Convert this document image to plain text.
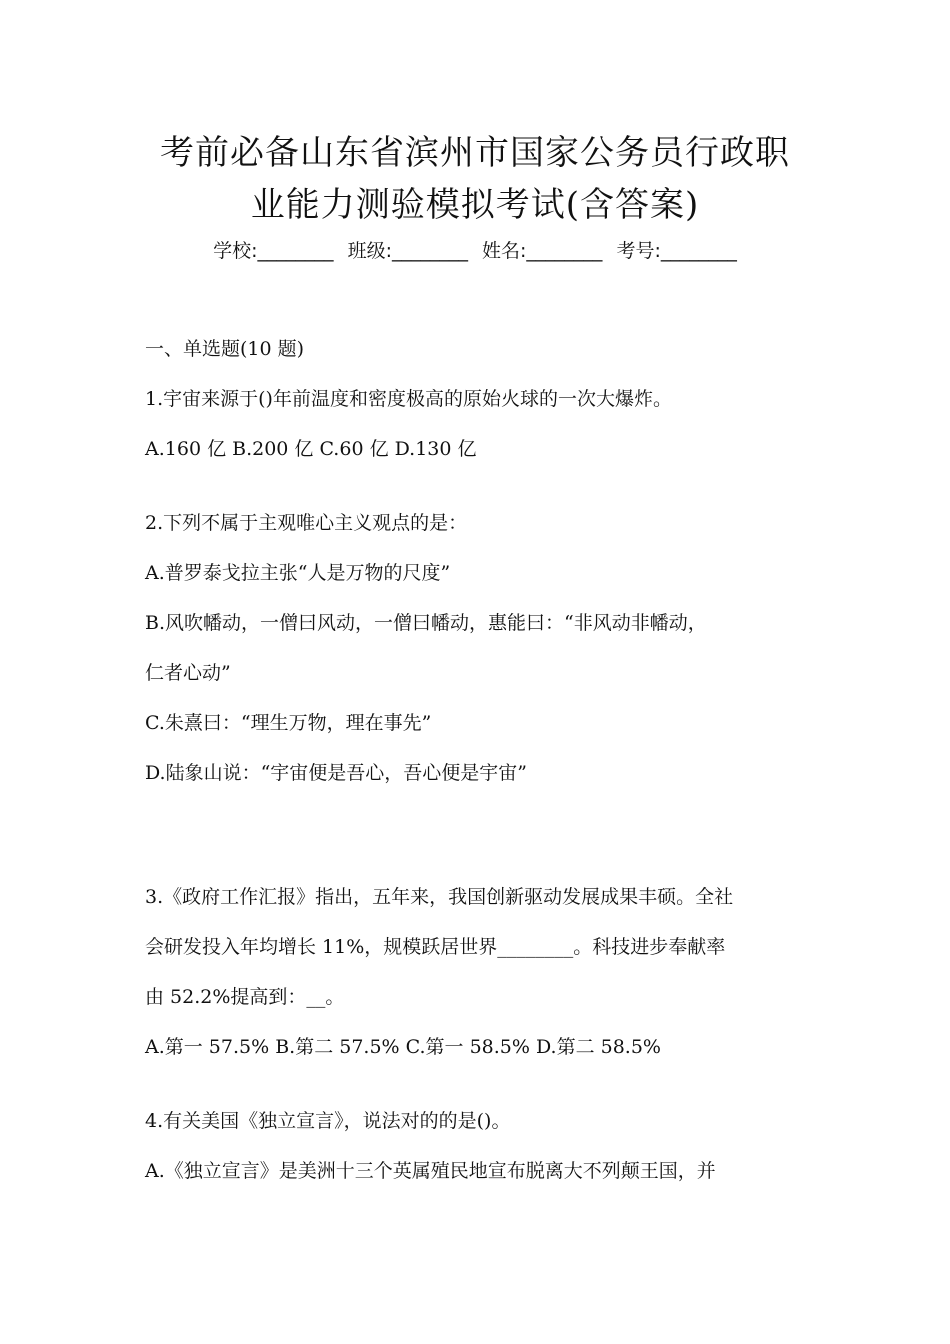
考前必备山东省滨州市国家公务员行政职
业能力测验模拟考试(含答案)
学校:________ 班级:________ 姓名:________ 考号:________
一、单选题(10 题)
1.宇宙来源于()年前温度和密度极高的原始火球的一次大爆炸。
A.160 亿 B.200 亿 C.60 亿 D.130 亿
2.下列不属于主观唯心主义观点的是：
A.普罗泰戈拉主张“人是万物的尺度”
B.风吹幡动，一僧曰风动，一僧曰幡动，惠能曰：“非风动非幡动，
仁者心动”
C.朱熹曰：“理生万物，理在事先”
D.陆象山说：“宇宙便是吾心，吾心便是宇宙”
3.《政府工作汇报》指出，五年来，我国创新驱动发展成果丰硕。全社
会研发投入年均增长 11%，规模跃居世界________。科技进步奉献率
由 52.2%提高到：__。
A.第一 57.5% B.第二 57.5% C.第一 58.5% D.第二 58.5%
4.有关美国《独立宣言》，说法对的的是()。
A.《独立宣言》是美洲十三个英属殖民地宣布脱离大不列颠王国，并
